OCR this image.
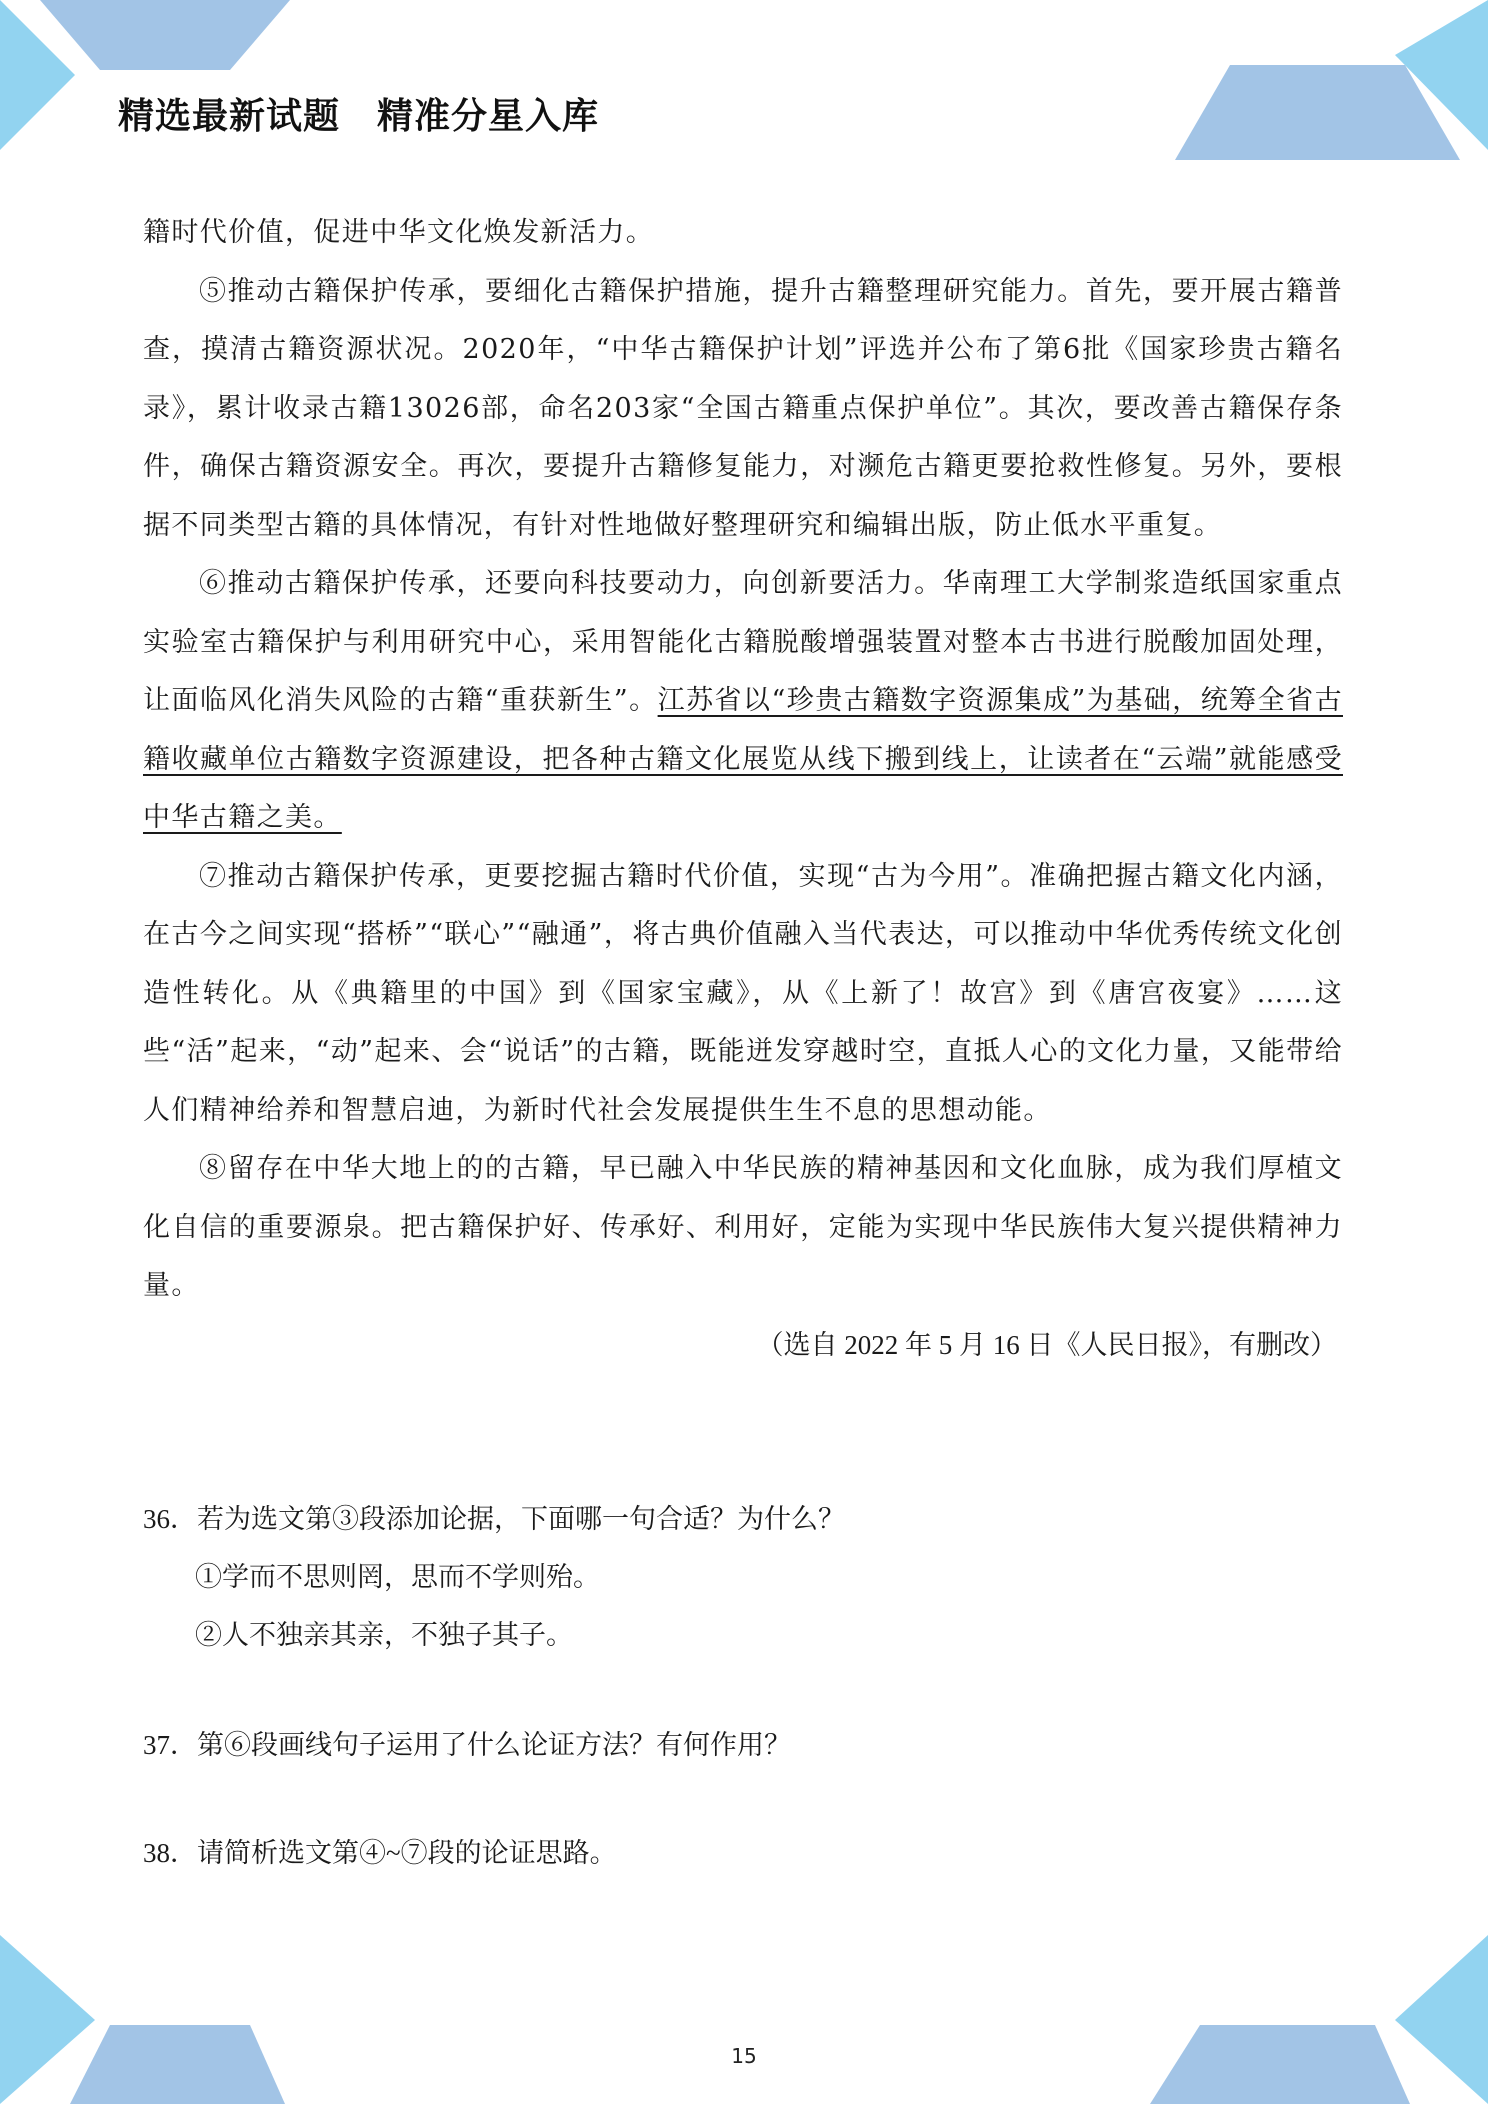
精选最新试题　精准分星入库

籍时代价值，促进中华文化焕发新活力。

⑤推动古籍保护传承，要细化古籍保护措施，提升古籍整理研究能力。首先，要开展古籍普查，摸清古籍资源状况。2020年，“中华古籍保护计划”评选并公布了第6批《国家珍贵古籍名录》，累计收录古籍13026部，命名203家“全国古籍重点保护单位”。其次，要改善古籍保存条件，确保古籍资源安全。再次，要提升古籍修复能力，对濒危古籍更要抢救性修复。另外，要根据不同类型古籍的具体情况，有针对性地做好整理研究和编辑出版，防止低水平重复。

⑥推动古籍保护传承，还要向科技要动力，向创新要活力。华南理工大学制浆造纸国家重点实验室古籍保护与利用研究中心，采用智能化古籍脱酸增强装置对整本古书进行脱酸加固处理，让面临风化消失风险的古籍“重获新生”。江苏省以“珍贵古籍数字资源集成”为基础，统筹全省古籍收藏单位古籍数字资源建设，把各种古籍文化展览从线下搬到线上，让读者在“云端”就能感受中华古籍之美。

⑦推动古籍保护传承，更要挖掘古籍时代价值，实现“古为今用”。准确把握古籍文化内涵，在古今之间实现“搭桥”“联心”“融通”，将古典价值融入当代表达，可以推动中华优秀传统文化创造性转化。从《典籍里的中国》到《国家宝藏》，从《上新了！故宫》到《唐宫夜宴》……这些“活”起来，“动”起来、会“说话”的古籍，既能迸发穿越时空，直抵人心的文化力量，又能带给人们精神给养和智慧启迪，为新时代社会发展提供生生不息的思想动能。

⑧留存在中华大地上的的古籍，早已融入中华民族的精神基因和文化血脉，成为我们厚植文化自信的重要源泉。把古籍保护好、传承好、利用好，定能为实现中华民族伟大复兴提供精神力量。

（选自 2022 年 5 月 16 日《人民日报》，有删改）

36．若为选文第③段添加论据，下面哪一句合适？为什么？

①学而不思则罔，思而不学则殆。

②人不独亲其亲，不独子其子。

37．第⑥段画线句子运用了什么论证方法？有何作用？

38．请简析选文第④~⑦段的论证思路。

15
